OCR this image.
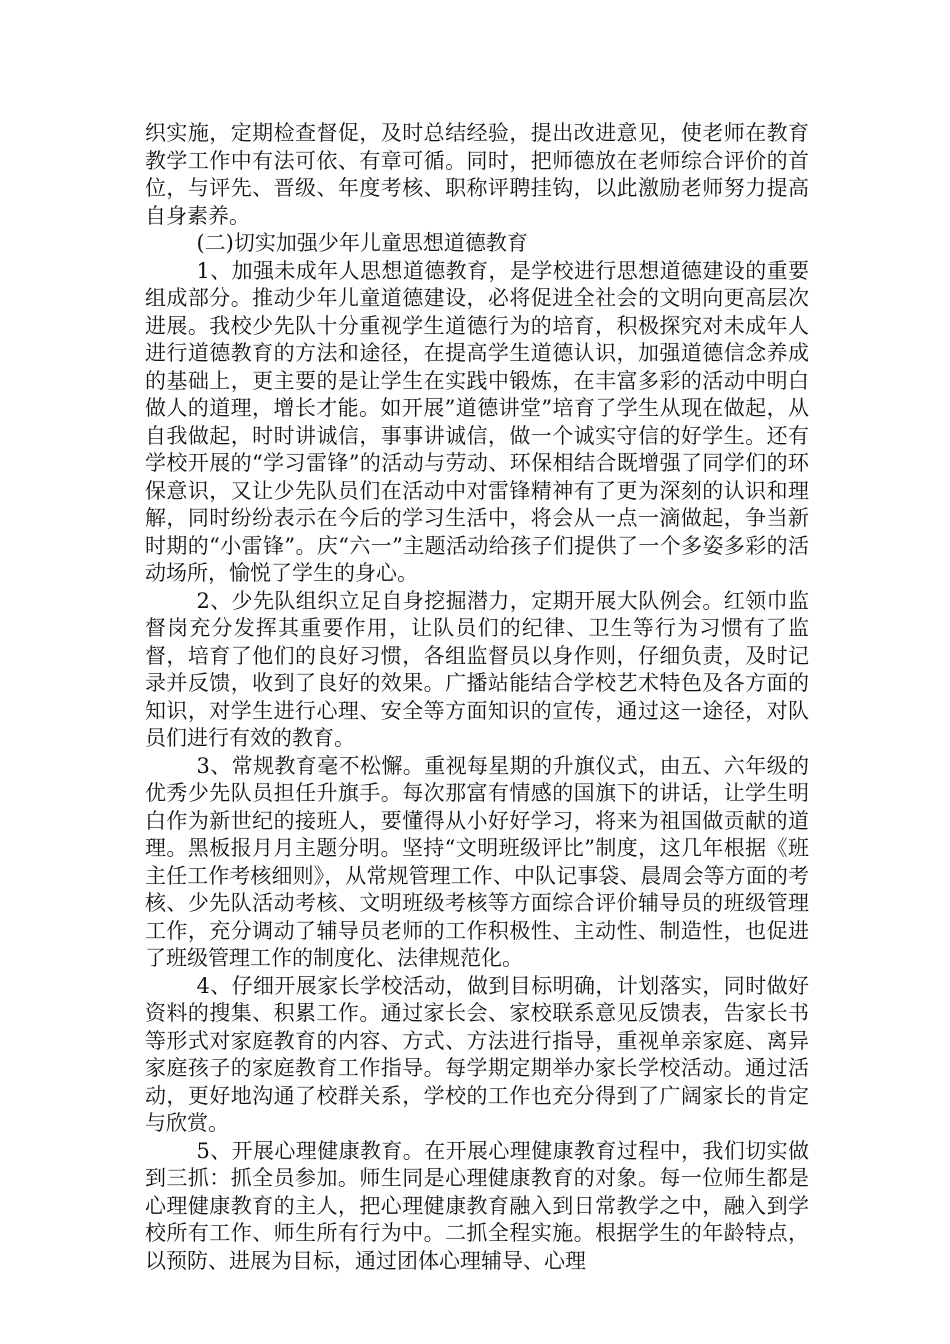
织实施，定期检查督促，及时总结经验，提出改进意见，使老师在教育教学工作中有法可依、有章可循。同时，把师德放在老师综合评价的首位，与评先、晋级、年度考核、职称评聘挂钩，以此激励老师努力提高自身素养。

(二)切实加强少年儿童思想道德教育

1、加强未成年人思想道德教育，是学校进行思想道德建设的重要组成部分。推动少年儿童道德建设，必将促进全社会的文明向更高层次进展。我校少先队十分重视学生道德行为的培育，积极探究对未成年人进行道德教育的方法和途径，在提高学生道德认识，加强道德信念养成的基础上，更主要的是让学生在实践中锻炼，在丰富多彩的活动中明白做人的道理，增长才能。如开展”道德讲堂”培育了学生从现在做起，从自我做起，时时讲诚信，事事讲诚信，做一个诚实守信的好学生。还有学校开展的“学习雷锋”的活动与劳动、环保相结合既增强了同学们的环保意识，又让少先队员们在活动中对雷锋精神有了更为深刻的认识和理解，同时纷纷表示在今后的学习生活中，将会从一点一滴做起，争当新时期的“小雷锋”。庆“六一”主题活动给孩子们提供了一个多姿多彩的活动场所，愉悦了学生的身心。

2、少先队组织立足自身挖掘潜力，定期开展大队例会。红领巾监督岗充分发挥其重要作用，让队员们的纪律、卫生等行为习惯有了监督，培育了他们的良好习惯，各组监督员以身作则，仔细负责，及时记录并反馈，收到了良好的效果。广播站能结合学校艺术特色及各方面的知识，对学生进行心理、安全等方面知识的宣传，通过这一途径，对队员们进行有效的教育。

3、常规教育毫不松懈。重视每星期的升旗仪式，由五、六年级的优秀少先队员担任升旗手。每次那富有情感的国旗下的讲话，让学生明白作为新世纪的接班人，要懂得从小好好学习，将来为祖国做贡献的道理。黑板报月月主题分明。坚持“文明班级评比”制度，这几年根据《班主任工作考核细则》，从常规管理工作、中队记事袋、晨周会等方面的考核、少先队活动考核、文明班级考核等方面综合评价辅导员的班级管理工作，充分调动了辅导员老师的工作积极性、主动性、制造性，也促进了班级管理工作的制度化、法律规范化。

4、仔细开展家长学校活动，做到目标明确，计划落实，同时做好资料的搜集、积累工作。通过家长会、家校联系意见反馈表，告家长书等形式对家庭教育的内容、方式、方法进行指导，重视单亲家庭、离异家庭孩子的家庭教育工作指导。每学期定期举办家长学校活动。通过活动，更好地沟通了校群关系，学校的工作也充分得到了广阔家长的肯定与欣赏。

5、开展心理健康教育。在开展心理健康教育过程中，我们切实做到三抓：抓全员参加。师生同是心理健康教育的对象。每一位师生都是心理健康教育的主人，把心理健康教育融入到日常教学之中，融入到学校所有工作、师生所有行为中。二抓全程实施。根据学生的年龄特点，以预防、进展为目标，通过团体心理辅导、心理
